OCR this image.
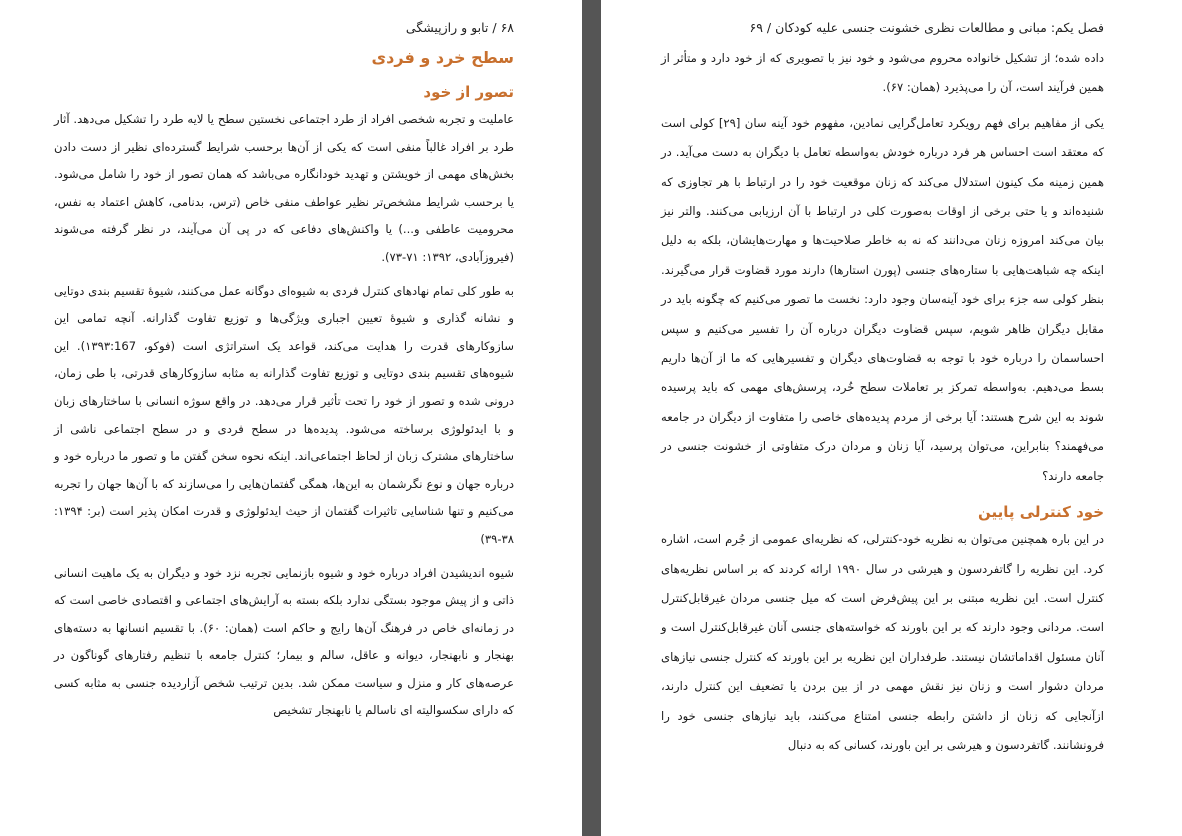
۶۸ / تابو و رازپیشگی
سطح خرد و فردی
تصور از خود

عاملیت و تجربه شخصی افراد از طرد اجتماعی نخستین سطح یا لایه طرد را تشکیل می‌دهد. آثار طرد بر افراد غالباً منفی است که یکی از آن‌ها برحسب شرایط گسترده‌ای نظیر از دست دادن بخش‌های مهمی از خویشتن و تهدید خودانگاره می‌باشد که همان تصور از خود را شامل می‌شود. یا برحسب شرایط مشخص‌تر نظیر عواطف منفی خاص (ترس، بدنامی، کاهش اعتماد به نفس، محرومیت عاطفی و...) یا واکنش‌های دفاعی که در پی آن می‌آیند، در نظر گرفته می‌شوند (فیروزآبادی، ۱۳۹۲: ۷۱-۷۳).

به طور کلی تمام نهادهای کنترل فردی به شیوه‌ای دوگانه عمل می‌کنند، شیوۀ تقسیم بندی دوتایی و نشانه گذاری و شیوۀ تعیین اجباری ویژگی‌ها و توزیع تفاوت گذارانه. آنچه تمامی این سازوکارهای قدرت را هدایت می‌کند، قواعد یک استراتژی است (فوکو، ۱۳۹۳:167). این شیوه‌های تقسیم بندی دوتایی و توزیع تفاوت گذارانه به مثابه سازوکارهای قدرتی، با طی زمان، درونی شده و تصور از خود را تحت تأثیر قرار می‌دهد. در واقع سوژه انسانی با ساختارهای زبان و با ایدئولوژی برساخته می‌شود. پدیده‌ها در سطح فردی و در سطح اجتماعی ناشی از ساختارهای مشترک زبان از لحاظ اجتماعی‌اند. اینکه نحوه سخن گفتن ما و تصور ما درباره خود و درباره جهان و نوع نگرشمان به این‌ها، همگی گفتمان‌هایی را می‌سازند که با آن‌ها جهان را تجربه می‌کنیم و تنها شناسایی تاثیرات گفتمان از حیث ایدئولوژی و قدرت امکان پذیر است (بر: ۱۳۹۴: ۳۸-۳۹)

شیوه اندیشیدن افراد درباره خود و شیوه بازنمایی تجربه نزد خود و دیگران به یک ماهیت انسانی ذاتی و از پیش موجود بستگی ندارد بلکه بسته به آرایش‌های اجتماعی و اقتصادی خاصی است که در زمانه‌ای خاص در فرهنگ آن‌ها رایج و حاکم است (همان: ۶۰). با تقسیم انسانها به دسته‌های بهنجار و نابهنجار، دیوانه و عاقل، سالم و بیمار؛ کنترل جامعه با تنظیم رفتارهای گوناگون در عرصه‌های کار و منزل و سیاست ممکن شد. بدین ترتیب شخص آزاردیده جنسی به مثابه کسی که دارای سکسوالیته ای ناسالم یا نابهنجار تشخیص

فصل یکم: مبانی و مطالعات نظری خشونت جنسی علیه کودکان / ۶۹

داده شده؛ از تشکیل خانواده محروم می‌شود و خود نیز با تصویری که از خود دارد و متأثر از همین فرآیند است، آن را می‌پذیرد (همان: ۶۷).

یکی از مفاهیم برای فهم رویکرد تعامل‌گرایی نمادین، مفهوم خود آینه سان [۲۹] کولی است که معتقد است احساس هر فرد درباره خودش به‌واسطه تعامل با دیگران به دست می‌آید. در همین زمینه مک کینون استدلال می‌کند که زنان موقعیت خود را در ارتباط با هر تجاوزی که شنیده‌اند و یا حتی برخی از اوقات به‌صورت کلی در ارتباط با آن ارزیابی می‌کنند. والتر نیز بیان می‌کند امروزه زنان می‌دانند که نه به خاطر صلاحیت‌ها و مهارت‌هایشان، بلکه به دلیل اینکه چه شباهت‌هایی با ستاره‌های جنسی (پورن استارها) دارند مورد قضاوت قرار می‌گیرند. بنظر کولی سه جزء برای خود آینه‌سان وجود دارد: نخست ما تصور می‌کنیم که چگونه باید در مقابل دیگران ظاهر شویم، سپس قضاوت دیگران درباره آن را تفسیر می‌کنیم و سپس احساسمان را درباره خود با توجه به قضاوت‌های دیگران و تفسیرهایی که ما از آن‌ها داریم بسط می‌دهیم. به‌واسطه تمرکز بر تعاملات سطح خُرد، پرسش‌های مهمی که باید پرسیده شوند به این شرح هستند: آیا برخی از مردم پدیده‌های خاصی را متفاوت از دیگران در جامعه می‌فهمند؟ بنابراین، می‌توان پرسید، آیا زنان و مردان درک متفاوتی از خشونت جنسی در جامعه دارند؟

خود کنترلی پایین

در این باره همچنین می‌توان به نظریه خود-کنترلی، که نظریه‌ای عمومی از جُرم است، اشاره کرد. این نظریه را گاتفردسون و هیرشی در سال ۱۹۹۰ ارائه کردند که بر اساس نظریه‌های کنترل است. این نظریه مبتنی بر این پیش‌فرض است که میل جنسی مردان غیرقابل‌کنترل است. مردانی وجود دارند که بر این باورند که خواسته‌های جنسی آنان غیرقابل‌کنترل است و آنان مسئول اقداماتشان نیستند. طرفداران این نظریه بر این باورند که کنترل جنسی نیازهای مردان دشوار است و زنان نیز نقش مهمی در از بین بردن یا تضعیف این کنترل دارند، ازآنجایی که زنان از داشتن رابطه جنسی امتناع می‌کنند، باید نیازهای جنسی خود را فرونشانند. گاتفردسون و هیرشی بر این باورند، کسانی که به دنبال
